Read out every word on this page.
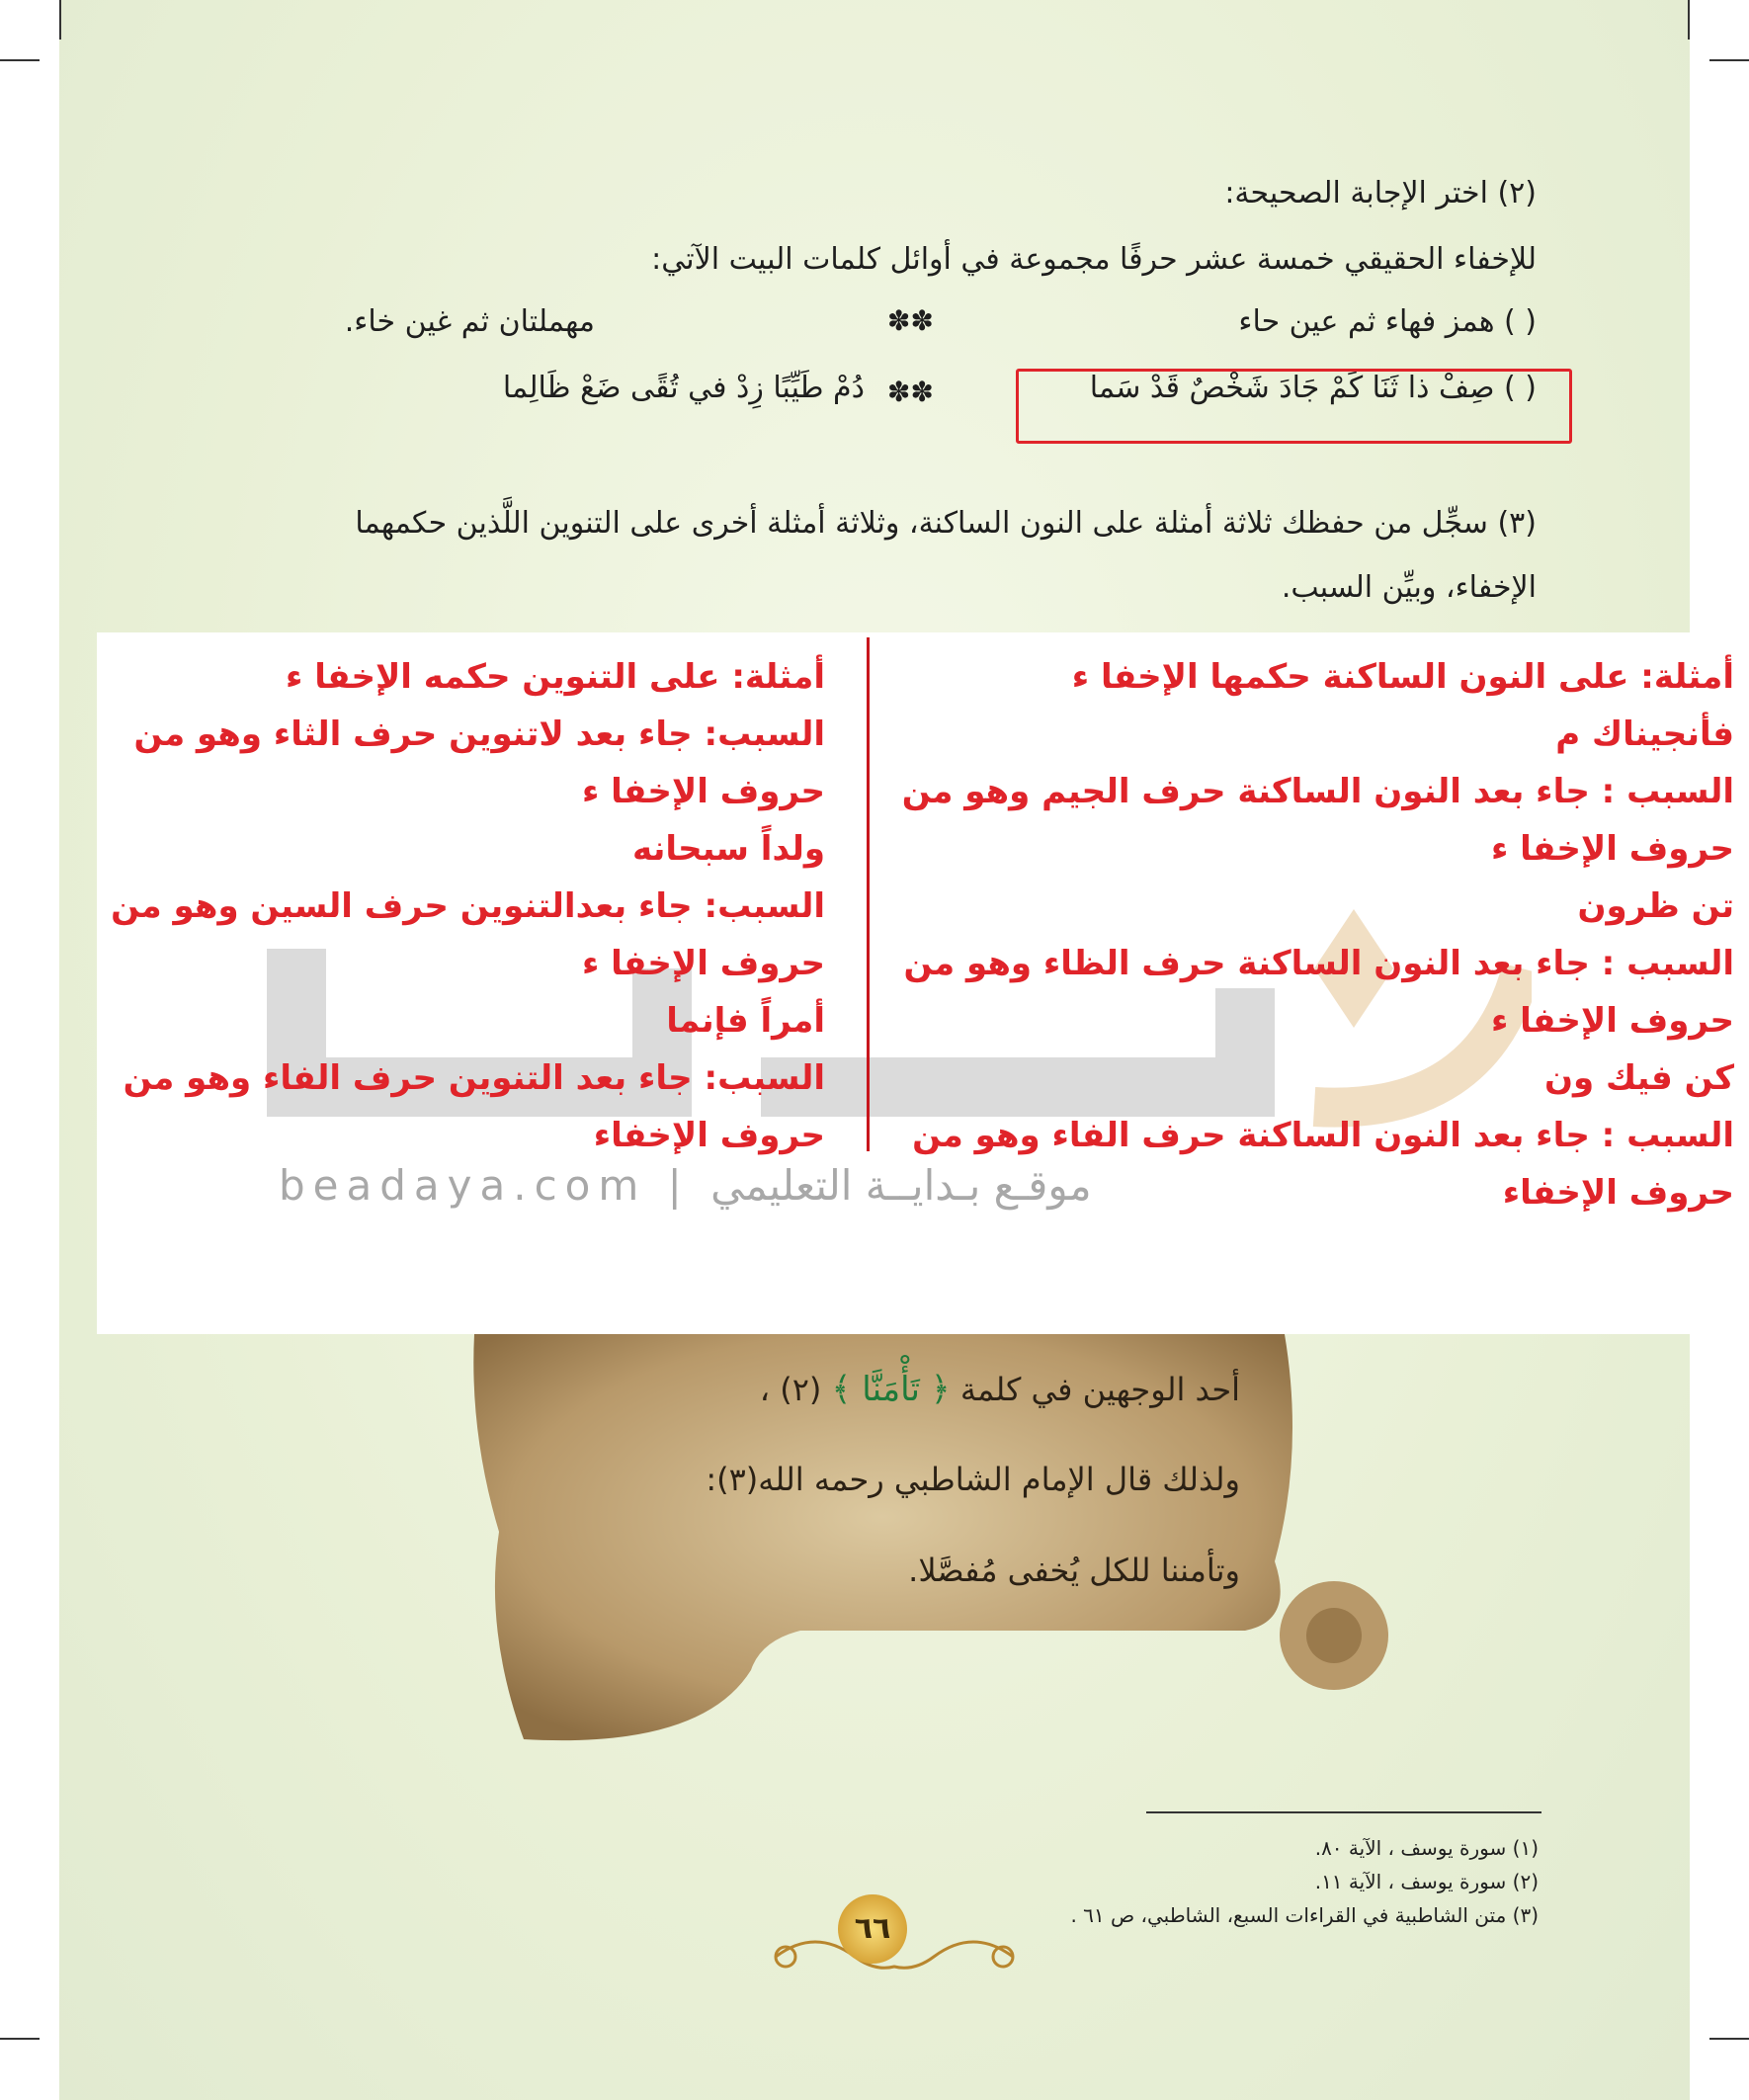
(٢) اختر الإجابة الصحيحة:
للإخفاء الحقيقي خمسة عشر حرفًا مجموعة في أوائل كلمات البيت الآتي:
( ) همز فهاء ثم عين حاء
✽✽
مهملتان ثم غين خاء.
( ) صِفْ ذا ثَنَا كَمْ جَادَ شَخْصٌ قَدْ سَما
✽✽
دُمْ طَيِّبًا زِدْ في تُقًى ضَعْ ظَالِما
(٣) سجِّل من حفظك ثلاثة أمثلة على النون الساكنة، وثلاثة أمثلة أخرى على التنوين اللَّذين حكمهما
الإخفاء، وبيِّن السبب.
أمثلة: على النون الساكنة حكمها الإخفا ء
فأنجيناك م
السبب : جاء بعد النون الساكنة حرف الجيم وهو من
حروف الإخفا ء
تن ظرون
السبب : جاء بعد النون الساكنة حرف الظاء وهو من
حروف الإخفا ء
كن فيك ون
السبب : جاء بعد النون الساكنة حرف الفاء وهو من
حروف الإخفاء
أمثلة: على التنوين حكمه الإخفا ء
السبب: جاء بعد لاتنوين حرف الثاء وهو من
حروف الإخفا ء
ولداً سبحانه
السبب: جاء بعدالتنوين حرف السين وهو من
حروف الإخفا ء
أمراً فإنما
السبب: جاء بعد التنوين حرف الفاء وهو من
حروف الإخفاء
beadaya.com | موقـع بـدايــة التعليمي
أحد الوجهين في كلمة ﴿ تَأْمَنَّا ﴾ (٢) ،
ولذلك قال الإمام الشاطبي رحمه الله(٣):
وتأمننا للكل يُخفى مُفصَّلا.
(١) سورة يوسف ، الآية ٨٠.
(٢) سورة يوسف ، الآية ١١.
(٣) متن الشاطبية في القراءات السبع، الشاطبي، ص ٦١ .
٦٦
